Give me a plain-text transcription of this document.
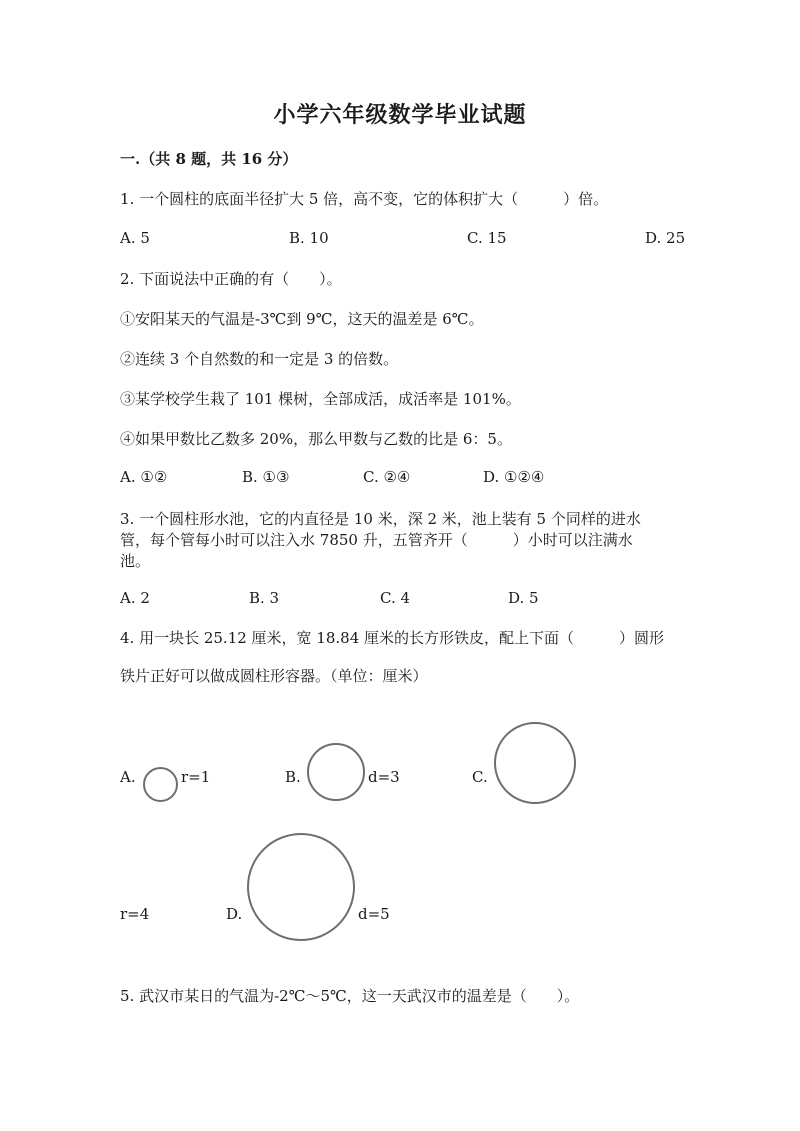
小学六年级数学毕业试题
一.（共 8 题，共 16 分）
1. 一个圆柱的底面半径扩大 5 倍，高不变，它的体积扩大（　　　）倍。
A. 5	B. 10	C. 15	D. 25
2. 下面说法中正确的有（　　）。
①安阳某天的气温是-3℃到 9℃，这天的温差是 6℃。
②连续 3 个自然数的和一定是 3 的倍数。
③某学校学生栽了 101 棵树，全部成活，成活率是 101%。
④如果甲数比乙数多 20%，那么甲数与乙数的比是 6：5。
A. ①②	B. ①③	C. ②④	D. ①②④
3. 一个圆柱形水池，它的内直径是 10 米，深 2 米，池上装有 5 个同样的进水
管，每个管每小时可以注入水 7850 升，五管齐开（　　　）小时可以注满水
池。
A. 2	B. 3	C. 4	D. 5
4. 用一块长 25.12 厘米，宽 18.84 厘米的长方形铁皮，配上下面（　　　）圆形
铁片正好可以做成圆柱形容器。（单位：厘米）
A.	r=1	B.	d=3	C.
r=4	D.	d=5
5. 武汉市某日的气温为-2℃～5℃，这一天武汉市的温差是（　　）。
